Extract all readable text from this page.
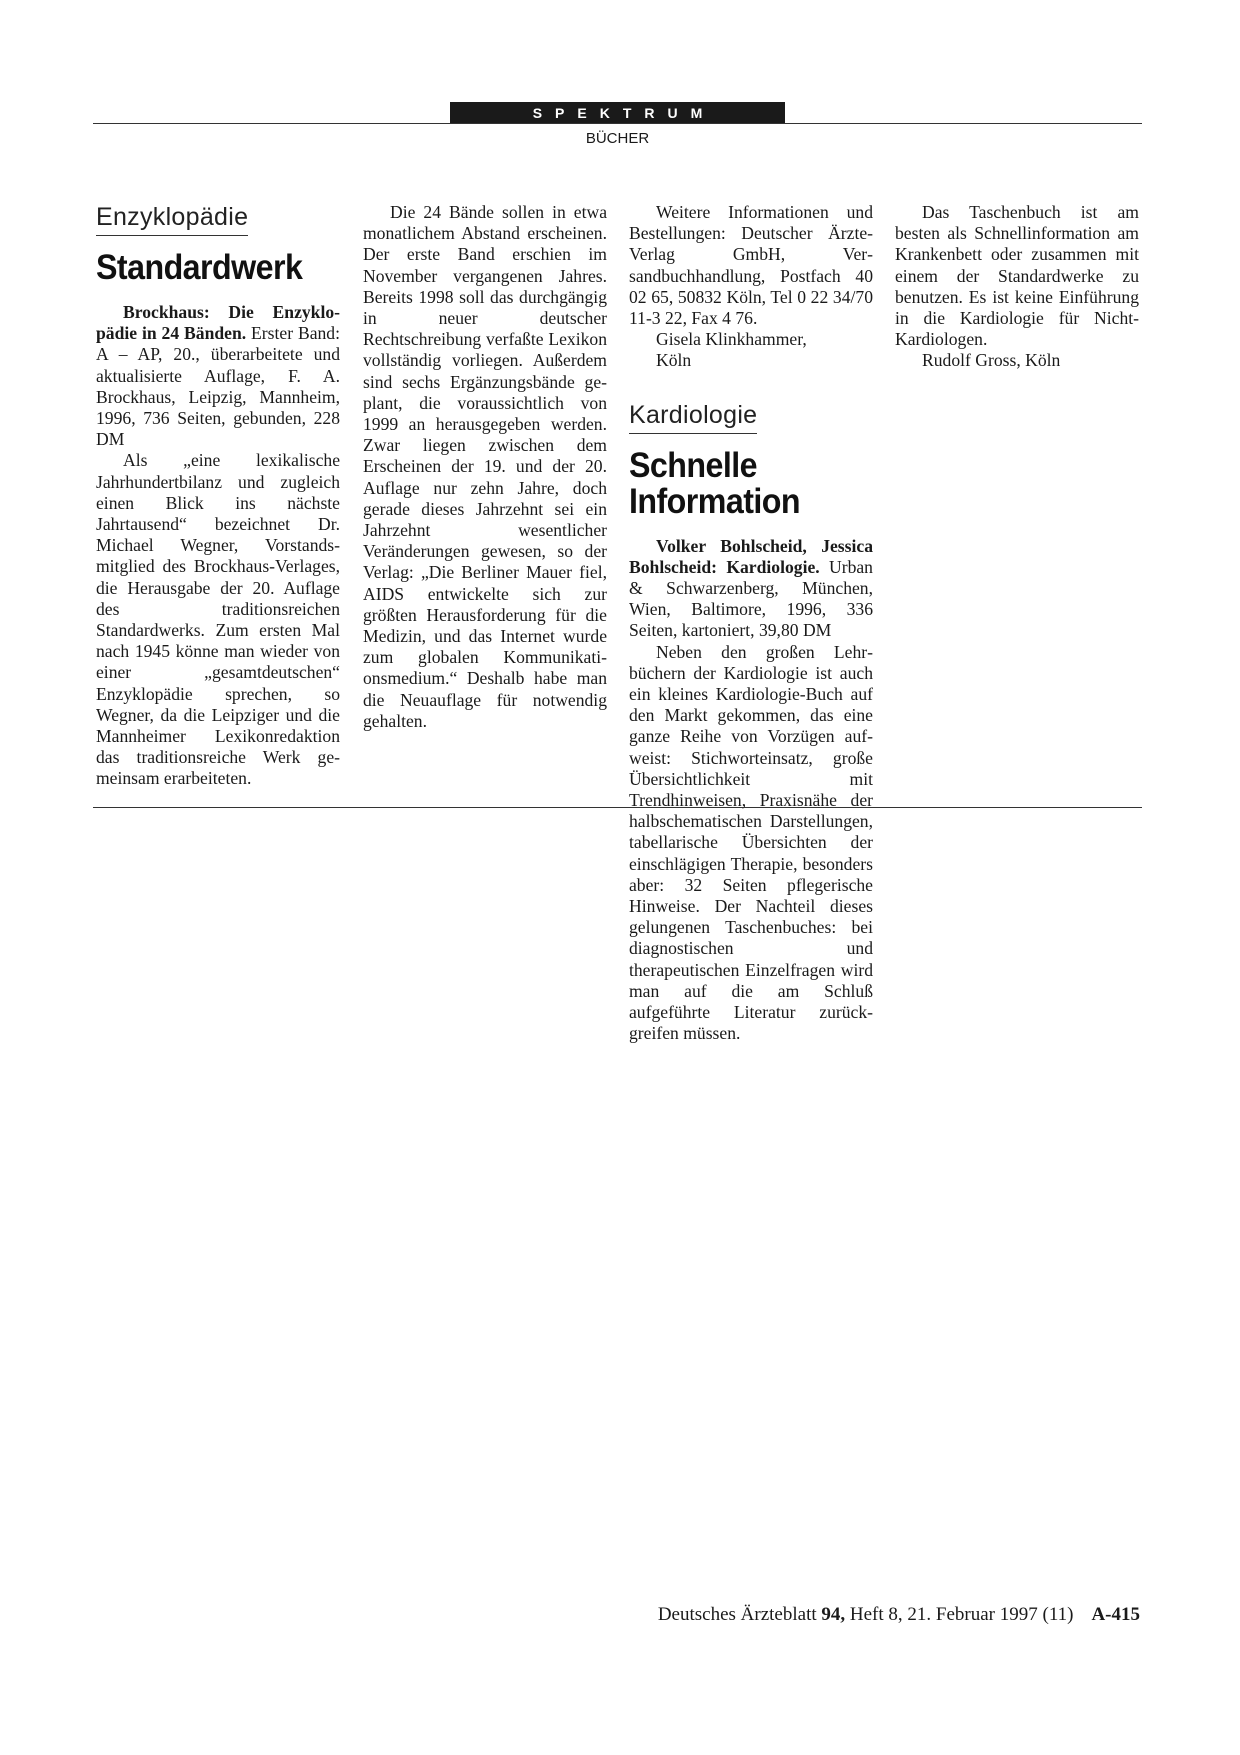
SPEKTRUM
BÜCHER
Enzyklopädie
Standardwerk

Brockhaus: Die Enzyklopädie in 24 Bänden. Erster Band: A – AP, 20., überarbeitete und aktualisierte Auflage, F. A. Brockhaus, Leipzig, Mannheim, 1996, 736 Seiten, gebunden, 228 DM

Als „eine lexikalische Jahrhundertbilanz und zugleich einen Blick ins nächste Jahrtausend“ bezeichnet Dr. Michael Wegner, Vorstandsmitglied des Brockhaus-Verlages, die Herausgabe der 20. Auflage des traditionsreichen Standardwerks. Zum ersten Mal nach 1945 könne man wieder von einer „gesamtdeutschen“ Enzyklopädie sprechen, so Wegner, da die Leipziger und die Mannheimer Lexikonredaktion das traditionsreiche Werk gemeinsam erarbeiteten.

Die 24 Bände sollen in etwa monatlichem Abstand erscheinen. Der erste Band erschien im November vergangenen Jahres. Bereits 1998 soll das durchgängig in neuer deutscher Rechtschreibung verfaßte Lexikon vollständig vorliegen. Außerdem sind sechs Ergänzungsbände geplant, die voraussichtlich von 1999 an herausgegeben werden. Zwar liegen zwischen dem Erscheinen der 19. und der 20. Auflage nur zehn Jahre, doch gerade dieses Jahrzehnt sei ein Jahrzehnt wesentlicher Veränderungen gewesen, so der Verlag: „Die Berliner Mauer fiel, AIDS entwickelte sich zur größten Herausforderung für die Medizin, und das Internet wurde zum globalen Kommunikationsmedium.“ Deshalb habe man die Neuauflage für notwendig gehalten.

Weitere Informationen und Bestellungen: Deutscher Ärzte-Verlag GmbH, Versandbuchhandlung, Postfach 40 02 65, 50832 Köln, Tel 0 22 34/70 11-3 22, Fax 4 76.

Gisela Klinkhammer,

Köln

Kardiologie
Schnelle
Information

Volker Bohlscheid, Jessica Bohlscheid: Kardiologie. Urban & Schwarzenberg, München, Wien, Baltimore, 1996, 336 Seiten, kartoniert, 39,80 DM

Neben den großen Lehrbüchern der Kardiologie ist auch ein kleines Kardiologie-Buch auf den Markt gekommen, das eine ganze Reihe von Vorzügen aufweist: Stichworteinsatz, große Übersichtlichkeit mit Trendhinweisen, Praxisnähe der halbschematischen Darstellungen, tabellarische Übersichten der einschlägigen Therapie, besonders aber: 32 Seiten pflegerische Hinweise. Der Nachteil dieses gelungenen Taschenbuches: bei diagnostischen und therapeutischen Einzelfragen wird man auf die am Schluß aufgeführte Literatur zurückgreifen müssen.

Das Taschenbuch ist am besten als Schnellinformation am Krankenbett oder zusammen mit einem der Standardwerke zu benutzen. Es ist keine Einführung in die Kardiologie für Nicht-Kardiologen.

Rudolf Gross, Köln

Deutsches Ärzteblatt 94, Heft 8, 21. Februar 1997 (11) A-415
